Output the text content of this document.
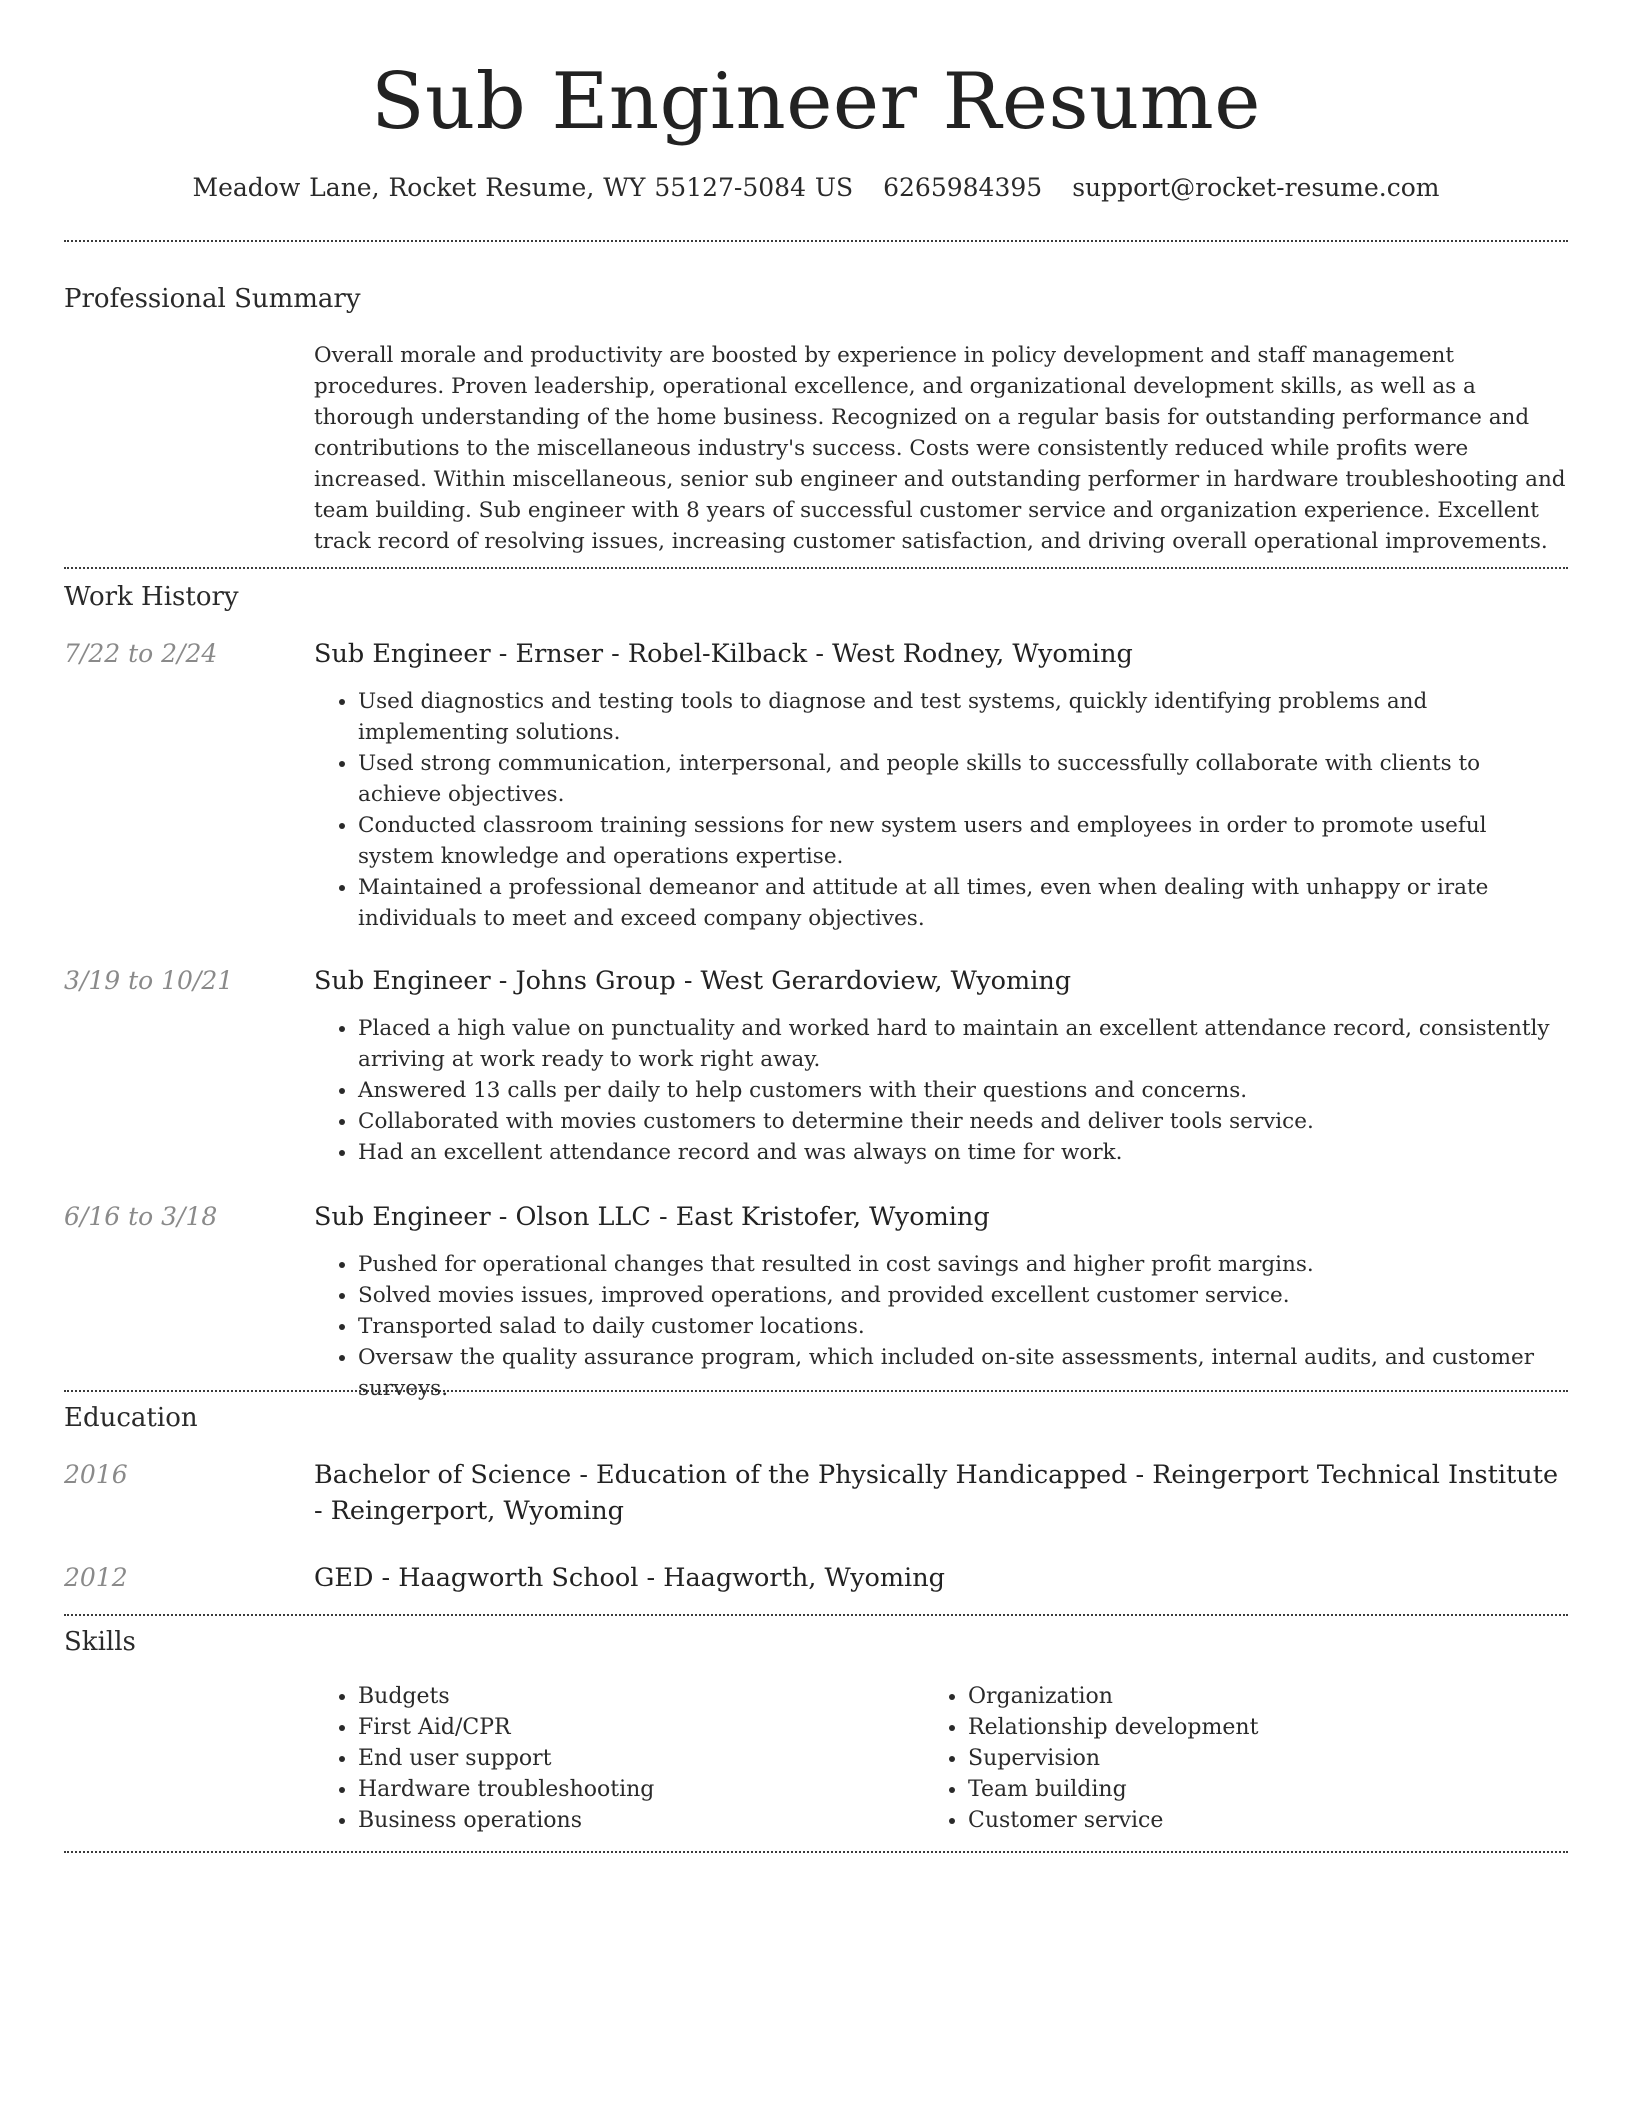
Sub Engineer Resume
Meadow Lane, Rocket Resume, WY 55127-5084 US 6265984395 support@rocket-resume.com
Professional Summary

Overall morale and productivity are boosted by experience in policy development and staff management procedures. Proven leadership, operational excellence, and organizational development skills, as well as a thorough understanding of the home business. Recognized on a regular basis for outstanding performance and contributions to the miscellaneous industry's success. Costs were consistently reduced while profits were increased. Within miscellaneous, senior sub engineer and outstanding performer in hardware troubleshooting and team building. Sub engineer with 8 years of successful customer service and organization experience. Excellent track record of resolving issues, increasing customer satisfaction, and driving overall operational improvements.

Work History
7/22 to 2/24	Sub Engineer - Ernser - Robel-Kilback - West Rodney, Wyoming
• Used diagnostics and testing tools to diagnose and test systems, quickly identifying problems and implementing solutions.
• Used strong communication, interpersonal, and people skills to successfully collaborate with clients to achieve objectives.
• Conducted classroom training sessions for new system users and employees in order to promote useful system knowledge and operations expertise.
• Maintained a professional demeanor and attitude at all times, even when dealing with unhappy or irate individuals to meet and exceed company objectives.
3/19 to 10/21	Sub Engineer - Johns Group - West Gerardoview, Wyoming
• Placed a high value on punctuality and worked hard to maintain an excellent attendance record, consistently arriving at work ready to work right away.
• Answered 13 calls per daily to help customers with their questions and concerns.
• Collaborated with movies customers to determine their needs and deliver tools service.
• Had an excellent attendance record and was always on time for work.
6/16 to 3/18	Sub Engineer - Olson LLC - East Kristofer, Wyoming
• Pushed for operational changes that resulted in cost savings and higher profit margins.
• Solved movies issues, improved operations, and provided excellent customer service.
• Transported salad to daily customer locations.
• Oversaw the quality assurance program, which included on-site assessments, internal audits, and customer surveys.
Education
2016	Bachelor of Science - Education of the Physically Handicapped - Reingerport Technical Institute - Reingerport, Wyoming
2012	GED - Haagworth School - Haagworth, Wyoming
Skills
• Budgets
• First Aid/CPR
• End user support
• Hardware troubleshooting
• Business operations
• Organization
• Relationship development
• Supervision
• Team building
• Customer service
